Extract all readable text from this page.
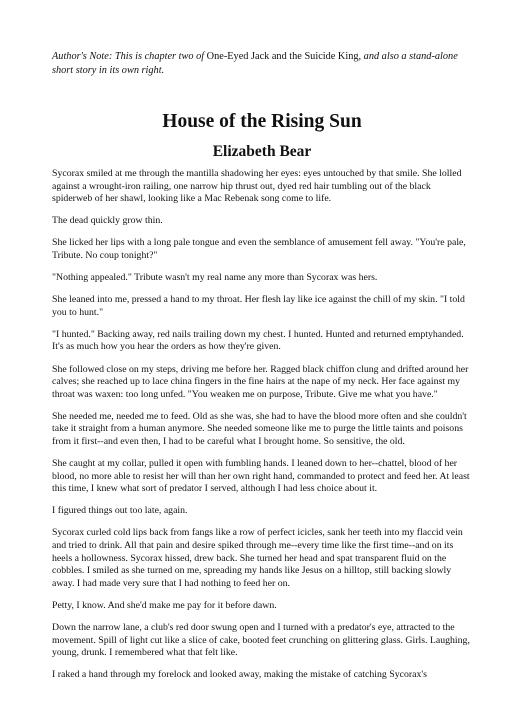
Author's Note: This is chapter two of One-Eyed Jack and the Suicide King, and also a stand-alone short story in its own right.

House of the Rising Sun
Elizabeth Bear

Sycorax smiled at me through the mantilla shadowing her eyes: eyes untouched by that smile. She lolled against a wrought-iron railing, one narrow hip thrust out, dyed red hair tumbling out of the black spiderweb of her shawl, looking like a Mac Rebenak song come to life.

The dead quickly grow thin.

She licked her lips with a long pale tongue and even the semblance of amusement fell away. "You're pale, Tribute. No coup tonight?"

"Nothing appealed." Tribute wasn't my real name any more than Sycorax was hers.

She leaned into me, pressed a hand to my throat. Her flesh lay like ice against the chill of my skin. "I told you to hunt."

"I hunted." Backing away, red nails trailing down my chest. I hunted. Hunted and returned emptyhanded. It's as much how you hear the orders as how they're given.

She followed close on my steps, driving me before her. Ragged black chiffon clung and drifted around her calves; she reached up to lace china fingers in the fine hairs at the nape of my neck. Her face against my throat was waxen: too long unfed. "You weaken me on purpose, Tribute. Give me what you have."

She needed me, needed me to feed. Old as she was, she had to have the blood more often and she couldn't take it straight from a human anymore. She needed someone like me to purge the little taints and poisons from it first--and even then, I had to be careful what I brought home. So sensitive, the old.

She caught at my collar, pulled it open with fumbling hands. I leaned down to her--chattel, blood of her blood, no more able to resist her will than her own right hand, commanded to protect and feed her. At least this time, I knew what sort of predator I served, although I had less choice about it.

I figured things out too late, again.

Sycorax curled cold lips back from fangs like a row of perfect icicles, sank her teeth into my flaccid vein and tried to drink. All that pain and desire spiked through me--every time like the first time--and on its heels a hollowness. Sycorax hissed, drew back. She turned her head and spat transparent fluid on the cobbles. I smiled as she turned on me, spreading my hands like Jesus on a hilltop, still backing slowly away. I had made very sure that I had nothing to feed her on.

Petty, I know. And she'd make me pay for it before dawn.

Down the narrow lane, a club's red door swung open and I turned with a predator's eye, attracted to the movement. Spill of light cut like a slice of cake, booted feet crunching on glittering glass. Girls. Laughing, young, drunk. I remembered what that felt like.

I raked a hand through my forelock and looked away, making the mistake of catching Sycorax's
